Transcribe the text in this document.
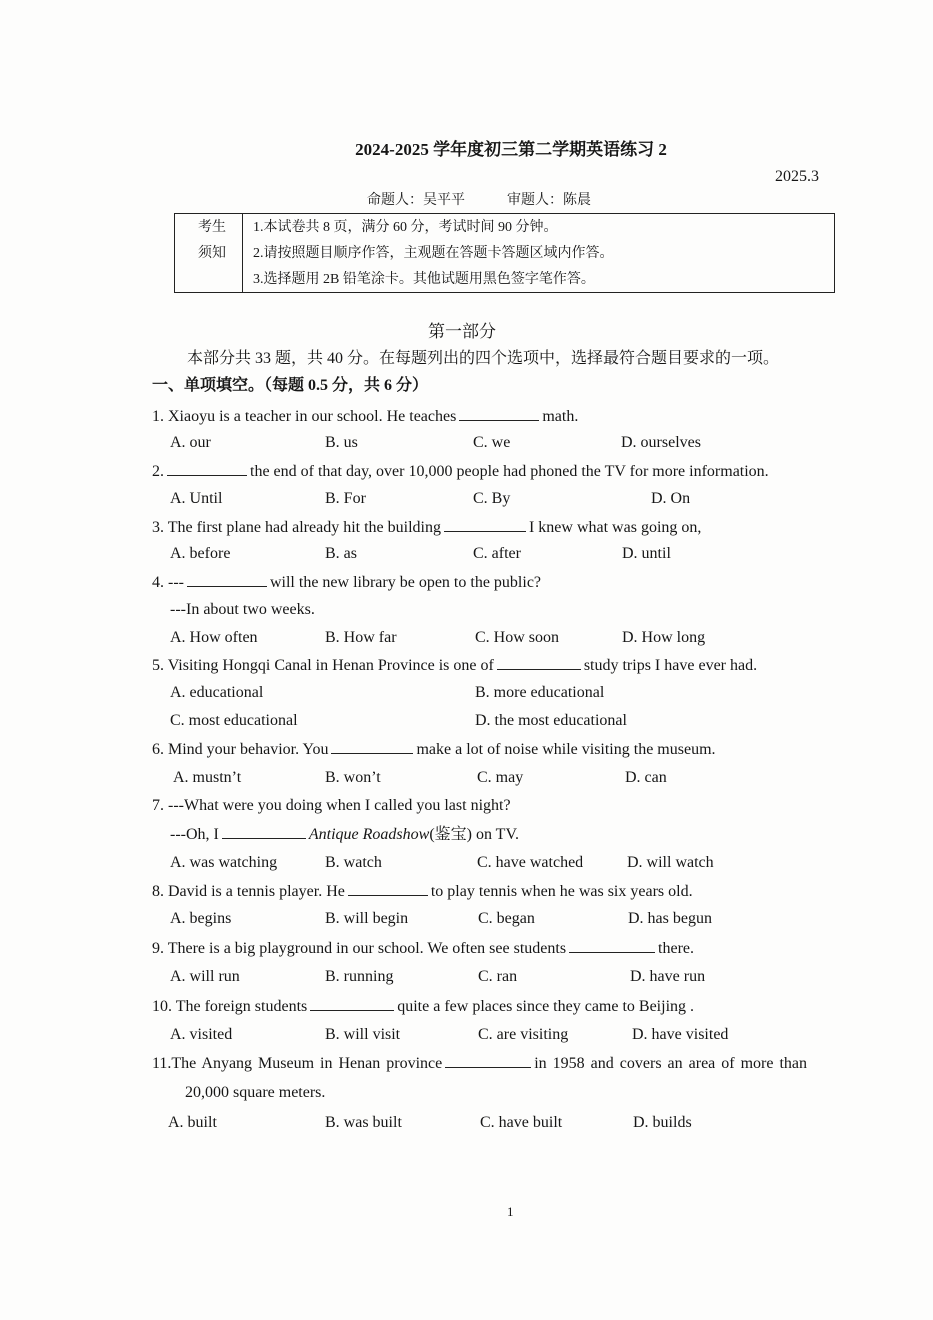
2024-2025 学年度初三第二学期英语练习 2
2025.3
命题人：吴平平	审题人：陈晨
考生
须知
1.本试卷共 8 页，满分 60 分，考试时间 90 分钟。
2.请按照题目顺序作答，主观题在答题卡答题区域内作答。
3.选择题用 2B 铅笔涂卡。其他试题用黑色签字笔作答。
第一部分
本部分共 33 题，共 40 分。在每题列出的四个选项中，选择最符合题目要求的一项。
一、单项填空。（每题 0.5 分，共 6 分）
1. Xiaoyu is a teacher in our school. He teaches	math.
A. our	B. us	C. we	D. ourselves
2.	the end of that day, over 10,000 people had phoned the TV for more information.
A. Until	B. For	C. By	D. On
3. The first plane had already hit the building	I knew what was going on,
A. before	B. as	C. after	D. until
4. ---	will the new library be open to the public?
---In about two weeks.
A. How often	B. How far	C. How soon	D. How long
5. Visiting Hongqi Canal in Henan Province is one of	study trips I have ever had.
A. educational	B. more educational
C. most educational	D. the most educational
6. Mind your behavior. You	make a lot of noise while visiting the museum.
A. mustn’t	B. won’t	C. may	D. can
7. ---What were you doing when I called you last night?
---Oh, I	Antique Roadshow(鉴宝) on TV.
A. was watching	B. watch	C. have watched	D. will watch
8. David is a tennis player. He	to play tennis when he was six years old.
A. begins	B. will begin	C. began	D. has begun
9. There is a big playground in our school. We often see students	there.
A. will run	B. running	C. ran	D. have run
10. The foreign students	quite a few places since they came to Beijing .
A. visited	B. will visit	C. are visiting	D. have visited
11.The Anyang Museum in Henan province	in 1958 and covers an area of more than
20,000 square meters.
A. built	B. was built	C. have built	D. builds
1
